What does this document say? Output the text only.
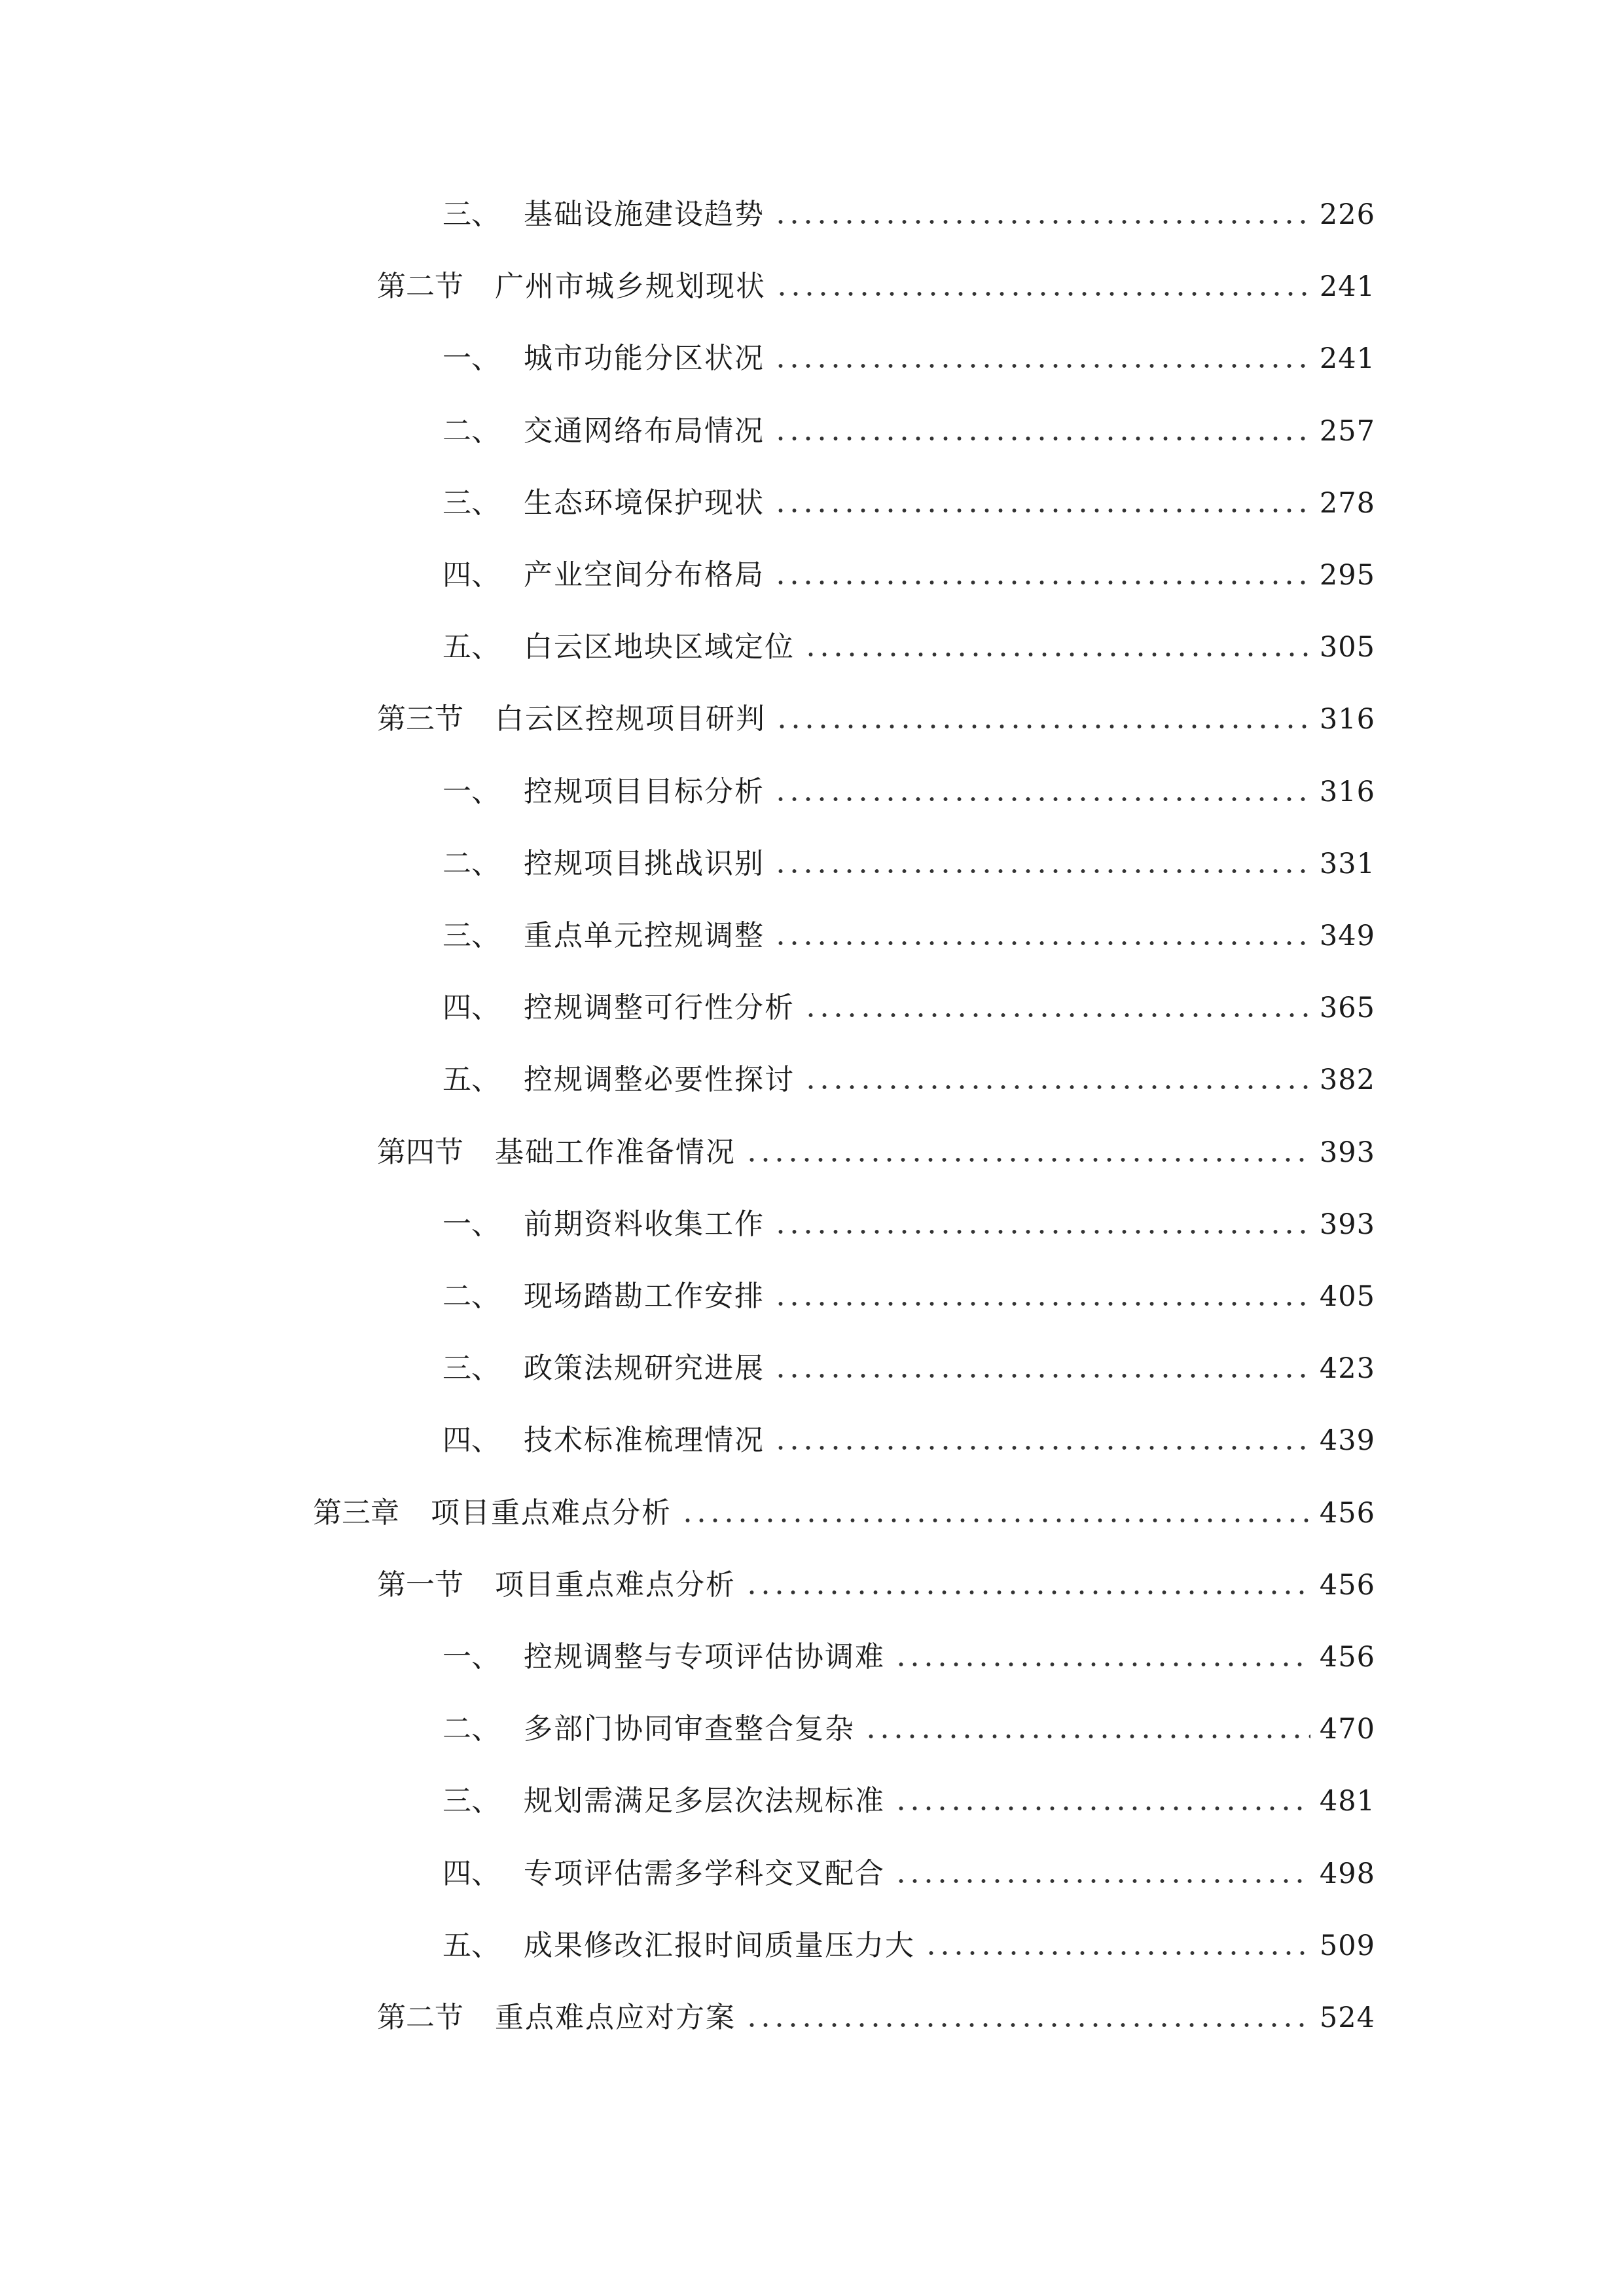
三、 基础设施建设趋势	226
第二节	广州市城乡规划现状	241
一、 城市功能分区状况	241
二、 交通网络布局情况	257
三、 生态环境保护现状	278
四、 产业空间分布格局	295
五、 白云区地块区域定位	305
第三节	白云区控规项目研判	316
一、 控规项目目标分析	316
二、 控规项目挑战识别	331
三、 重点单元控规调整	349
四、 控规调整可行性分析	365
五、 控规调整必要性探讨	382
第四节	基础工作准备情况	393
一、 前期资料收集工作	393
二、 现场踏勘工作安排	405
三、 政策法规研究进展	423
四、 技术标准梳理情况	439
第三章	项目重点难点分析	456
第一节	项目重点难点分析	456
一、 控规调整与专项评估协调难	456
二、 多部门协同审查整合复杂	470
三、 规划需满足多层次法规标准	481
四、 专项评估需多学科交叉配合	498
五、 成果修改汇报时间质量压力大	509
第二节	重点难点应对方案	524
